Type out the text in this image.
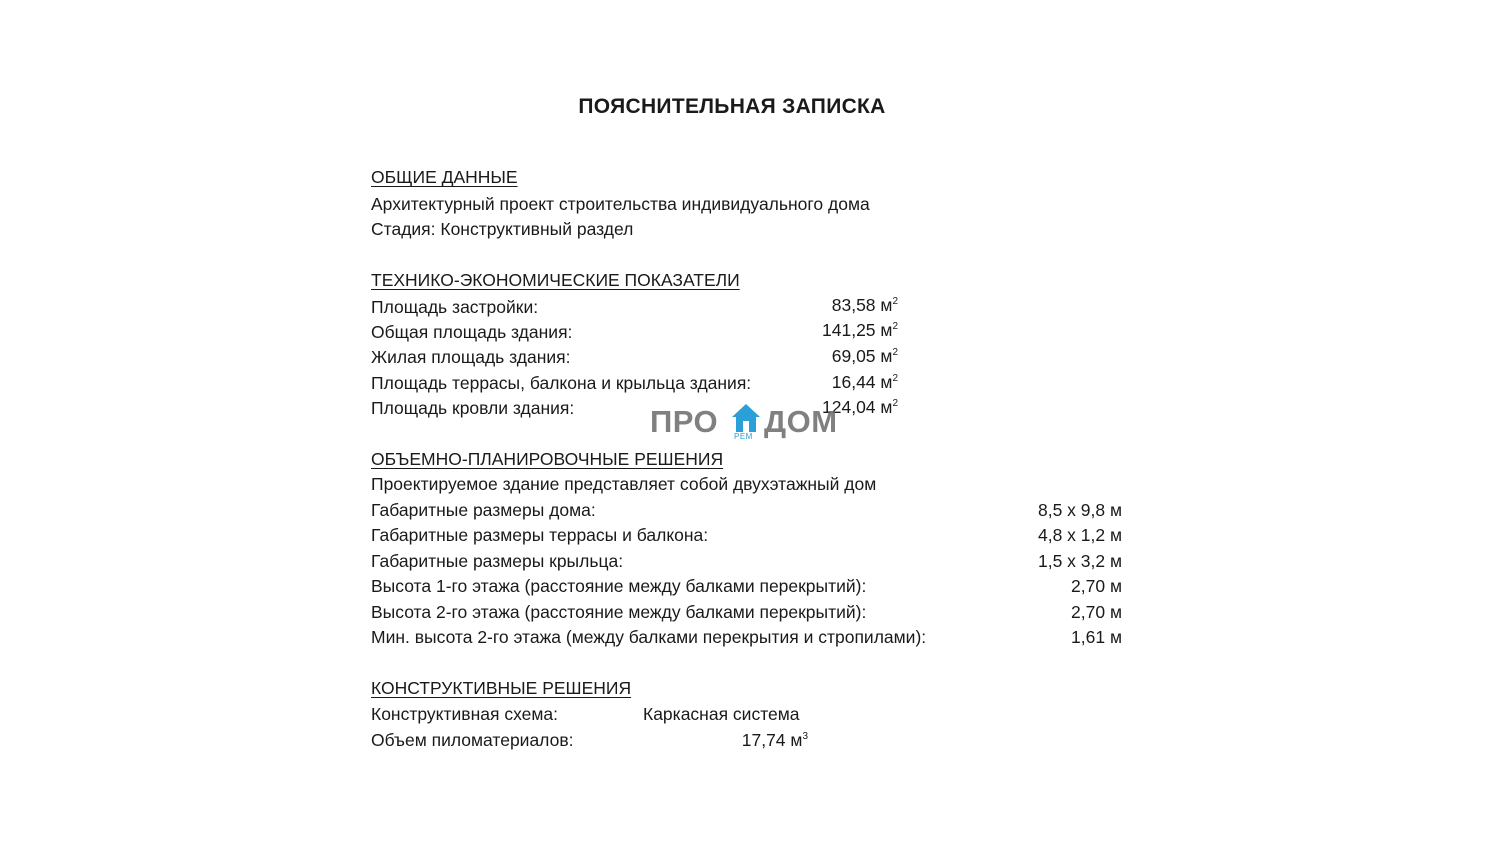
ПОЯСНИТЕЛЬНАЯ ЗАПИСКА
ОБЩИЕ ДАННЫЕ
Архитектурный проект строительства индивидуального дома
Стадия: Конструктивный раздел
ТЕХНИКО-ЭКОНОМИЧЕСКИЕ ПОКАЗАТЕЛИ
Площадь застройки:	83,58 $м^2$
Общая площадь здания:	141,25 $м^2$
Жилая площадь здания:	69,05 $м^2$
Площадь террасы, балкона и крыльца здания:	16,44 $м^2$
Площадь кровли здания:	124,04 $м^2$
ПРО РЕМ ДОМ
ОБЪЕМНО-ПЛАНИРОВОЧНЫЕ РЕШЕНИЯ
Проектируемое здание представляет собой двухэтажный дом
Габаритные размеры дома:	8,5 x 9,8 м
Габаритные размеры террасы и балкона:	4,8 x 1,2 м
Габаритные размеры крыльца:	1,5 x 3,2 м
Высота 1-го этажа (расстояние между балками перекрытий):	2,70 м
Высота 2-го этажа (расстояние между балками перекрытий):	2,70 м
Мин. высота 2-го этажа (между балками перекрытия и стропилами):	1,61 м
КОНСТРУКТИВНЫЕ РЕШЕНИЯ
Конструктивная схема:	Каркасная система
Объем пиломатериалов:	17,74 $м^3$
